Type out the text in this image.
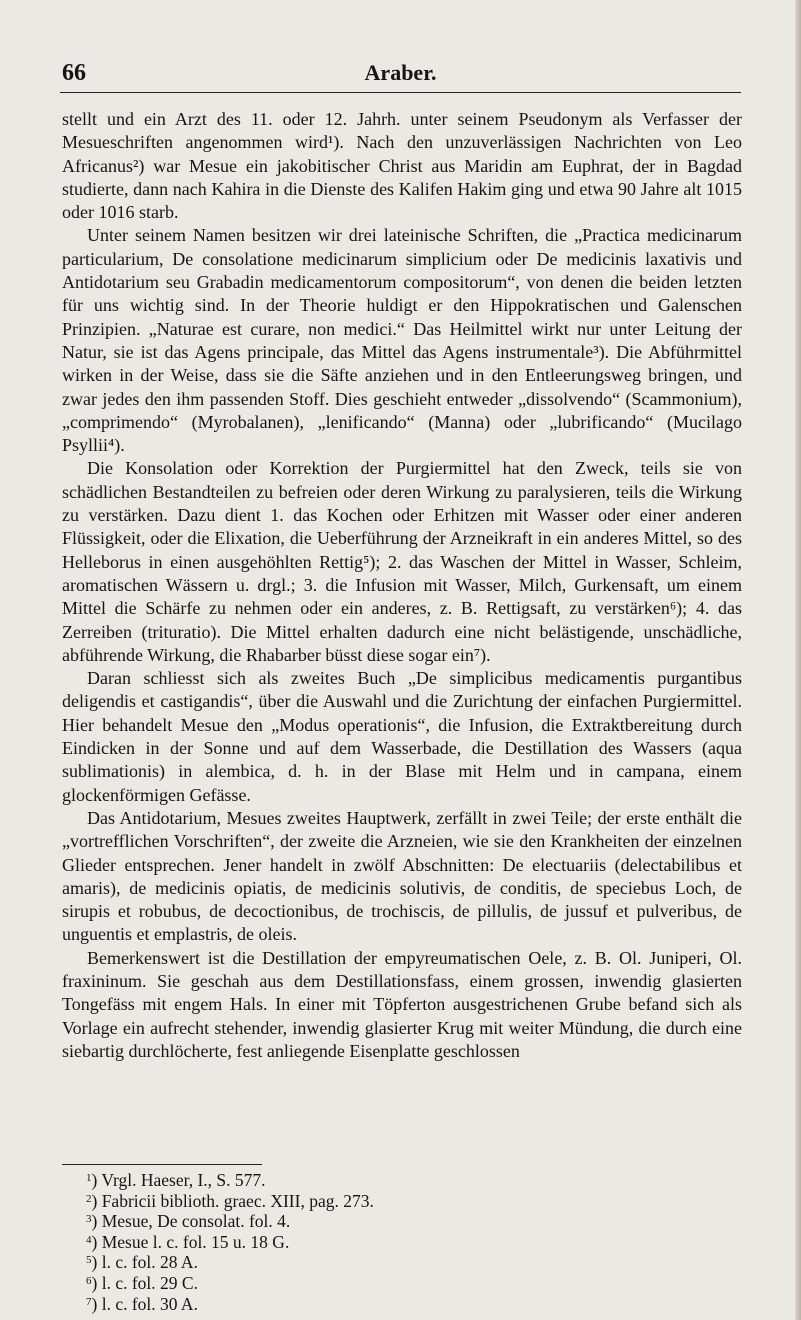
66	Araber.

stellt und ein Arzt des 11. oder 12. Jahrh. unter seinem Pseudonym als Verfasser der Mesueschriften angenommen wird¹). Nach den unzuverlässigen Nachrichten von Leo Africanus²) war Mesue ein jakobitischer Christ aus Maridin am Euphrat, der in Bagdad studierte, dann nach Kahira in die Dienste des Kalifen Hakim ging und etwa 90 Jahre alt 1015 oder 1016 starb.

Unter seinem Namen besitzen wir drei lateinische Schriften, die „Practica medicinarum particularium, De consolatione medicinarum simplicium oder De medicinis laxativis und Antidotarium seu Grabadin medicamentorum compositorum“, von denen die beiden letzten für uns wichtig sind. In der Theorie huldigt er den Hippokratischen und Galenschen Prinzipien. „Naturae est curare, non medici.“ Das Heilmittel wirkt nur unter Leitung der Natur, sie ist das Agens principale, das Mittel das Agens instrumentale³). Die Abführmittel wirken in der Weise, dass sie die Säfte anziehen und in den Entleerungsweg bringen, und zwar jedes den ihm passenden Stoff. Dies geschieht entweder „dissolvendo“ (Scammonium), „comprimendo“ (Myrobalanen), „lenificando“ (Manna) oder „lubrificando“ (Mucilago Psyllii⁴).

Die Konsolation oder Korrektion der Purgiermittel hat den Zweck, teils sie von schädlichen Bestandteilen zu befreien oder deren Wirkung zu paralysieren, teils die Wirkung zu verstärken. Dazu dient 1. das Kochen oder Erhitzen mit Wasser oder einer anderen Flüssigkeit, oder die Elixation, die Ueberführung der Arzneikraft in ein anderes Mittel, so des Helleborus in einen ausgehöhlten Rettig⁵); 2. das Waschen der Mittel in Wasser, Schleim, aromatischen Wässern u. drgl.; 3. die Infusion mit Wasser, Milch, Gurkensaft, um einem Mittel die Schärfe zu nehmen oder ein anderes, z. B. Rettigsaft, zu verstärken⁶); 4. das Zerreiben (trituratio). Die Mittel erhalten dadurch eine nicht belästigende, unschädliche, abführende Wirkung, die Rhabarber büsst diese sogar ein⁷).

Daran schliesst sich als zweites Buch „De simplicibus medicamentis purgantibus deligendis et castigandis“, über die Auswahl und die Zurichtung der einfachen Purgiermittel. Hier behandelt Mesue den „Modus operationis“, die Infusion, die Extraktbereitung durch Eindicken in der Sonne und auf dem Wasserbade, die Destillation des Wassers (aqua sublimationis) in alembica, d. h. in der Blase mit Helm und in campana, einem glockenförmigen Gefässe.

Das Antidotarium, Mesues zweites Hauptwerk, zerfällt in zwei Teile; der erste enthält die „vortrefflichen Vorschriften“, der zweite die Arzneien, wie sie den Krankheiten der einzelnen Glieder entsprechen. Jener handelt in zwölf Abschnitten: De electuariis (delectabilibus et amaris), de medicinis opiatis, de medicinis solutivis, de conditis, de speciebus Loch, de sirupis et robubus, de decoctionibus, de trochiscis, de pillulis, de jussuf et pulveribus, de unguentis et emplastris, de oleis.

Bemerkenswert ist die Destillation der empyreumatischen Oele, z. B. Ol. Juniperi, Ol. fraxininum. Sie geschah aus dem Destillationsfass, einem grossen, inwendig glasierten Tongefäss mit engem Hals. In einer mit Töpferton ausgestrichenen Grube befand sich als Vorlage ein aufrecht stehender, inwendig glasierter Krug mit weiter Mündung, die durch eine siebartig durchlöcherte, fest anliegende Eisenplatte geschlossen

$^1$) Vrgl. Haeser, I., S. 577.
$^2$) Fabricii biblioth. graec. XIII, pag. 273.
$^3$) Mesue, De consolat. fol. 4.
$^4$) Mesue l. c. fol. 15 u. 18 G.
$^5$) l. c. fol. 28 A.
$^6$) l. c. fol. 29 C.
$^7$) l. c. fol. 30 A.
